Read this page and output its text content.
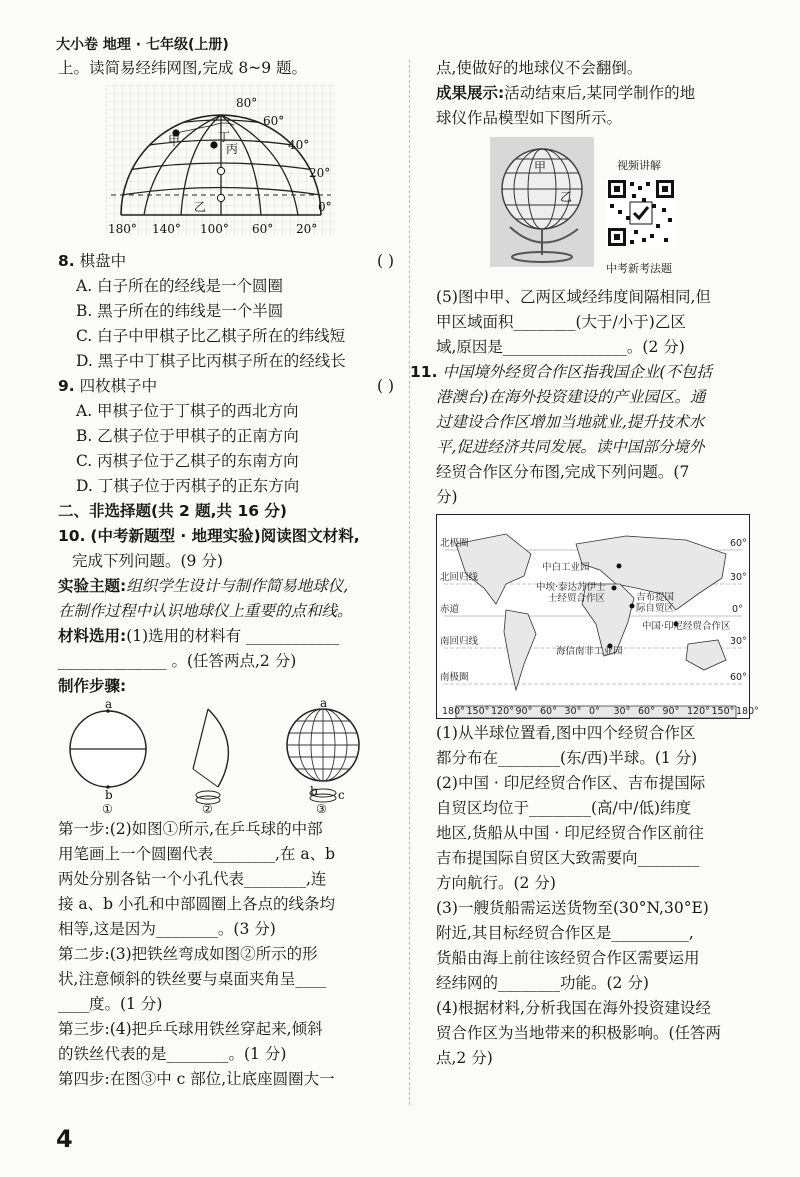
大小卷 地理 · 七年级(上册)
上。读简易经纬网图,完成 8~9 题。
80°
60°
40°
20°
0°
甲	丁
丙
乙
180° 140° 100° 60° 20°
8. 棋盘中	( )
A. 白子所在的经线是一个圆圈
B. 黑子所在的纬线是一个半圆
C. 白子中甲棋子比乙棋子所在的纬线短
D. 黑子中丁棋子比丙棋子所在的经线长
9. 四枚棋子中	( )
A. 甲棋子位于丁棋子的西北方向
B. 乙棋子位于甲棋子的正南方向
C. 丙棋子位于乙棋子的东南方向
D. 丁棋子位于丙棋子的正东方向
二、非选择题(共 2 题,共 16 分)
10. (中考新题型 · 地理实验)阅读图文材料,
完成下列问题。(9 分)
实验主题:组织学生设计与制作简易地球仪,
在制作过程中认识地球仪上重要的点和线。
材料选用:(1)选用的材料有 ____________
______________ 。(任答两点,2 分)
制作步骤:
a
b
①	②
a
b c
③
第一步:(2)如图①所示,在乒乓球的中部
用笔画上一个圆圈代表________,在 a、b
两处分别各钻一个小孔代表________,连
接 a、b 小孔和中部圆圈上各点的线条均
相等,这是因为________。(3 分)
第二步:(3)把铁丝弯成如图②所示的形
状,注意倾斜的铁丝要与桌面夹角呈____
____度。(1 分)
第三步:(4)把乒乓球用铁丝穿起来,倾斜
的铁丝代表的是________。(1 分)
第四步:在图③中 c 部位,让底座圆圈大一
点,使做好的地球仪不会翻倒。
成果展示:活动结束后,某同学制作的地
球仪作品模型如下图所示。
甲
乙
视频讲解
中考新考法题
(5)图中甲、乙两区域经纬度间隔相同,但
甲区域面积________(大于/小于)乙区
域,原因是________________。(2 分)
11. 中国境外经贸合作区指我国企业(不包括
港澳台)在海外投资建设的产业园区。通
过建设合作区增加当地就业,提升技术水
平,促进经济共同发展。读中国部分境外
经贸合作区分布图,完成下列问题。(7
分)
北极圈
北回归线
赤道
南回归线
南极圈
中白工业园
中埃·泰达苏伊士
士经贸合作区	吉布提国
际自贸区
中国·印尼经贸合作区
海信南非工业园
60°
30°
0°
30°
60°
180° 150° 120° 90° 60° 30° 0° 30° 60° 90° 120° 150° 180°
(1)从半球位置看,图中四个经贸合作区
都分布在________(东/西)半球。(1 分)
(2)中国 · 印尼经贸合作区、吉布提国际
自贸区均位于________(高/中/低)纬度
地区,货船从中国 · 印尼经贸合作区前往
吉布提国际自贸区大致需要向________
方向航行。(2 分)
(3)一艘货船需运送货物至(30°N,30°E)
附近,其目标经贸合作区是__________,
货船由海上前往该经贸合作区需要运用
经纬网的________功能。(2 分)
(4)根据材料,分析我国在海外投资建设经
贸合作区为当地带来的积极影响。(任答两
点,2 分)
4
